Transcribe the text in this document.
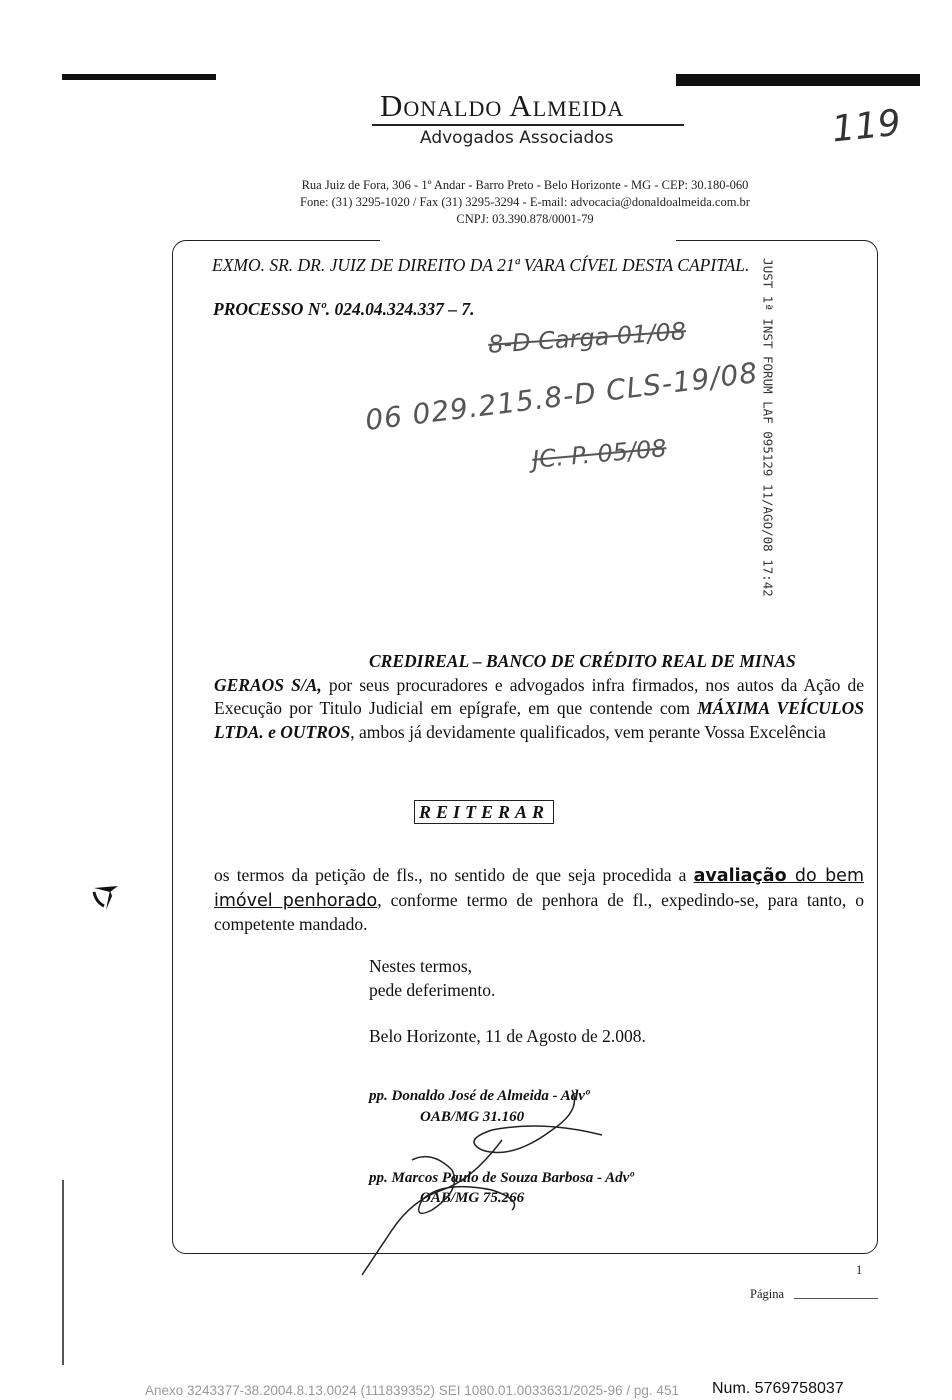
Donaldo Almeida
Advogados Associados
Rua Juiz de Fora, 306 - 1º Andar - Barro Preto - Belo Horizonte - MG - CEP: 30.180-060
Fone: (31) 3295-1020 / Fax (31) 3295-3294 - E-mail: advocacia@donaldoalmeida.com.br
CNPJ: 03.390.878/0001-79
119
EXMO. SR. DR. JUIZ DE DIREITO DA 21ª VARA CÍVEL DESTA CAPITAL.
PROCESSO Nº. 024.04.324.337 – 7.	JUST 1ª INST FORUM LAF 095129 11/AGO/08 17:42
8-D Carga 01/08
06 029.215.8-D CLS-19/08
JC. P. 05/08
CREDIREAL – BANCO DE CRÉDITO REAL DE MINAS
GERAOS S/A, por seus procuradores e advogados infra firmados, nos autos da Ação de Execução por Titulo Judicial em epígrafe, em que contende com MÁXIMA VEÍCULOS LTDA. e OUTROS, ambos já devidamente qualificados, vem perante Vossa Excelência
REITERAR
os termos da petição de fls., no sentido de que seja procedida a avaliação do bem imóvel penhorado, conforme termo de penhora de fl., expedindo-se, para tanto, o competente mandado.
Nestes termos,
pede deferimento.
Belo Horizonte, 11 de Agosto de 2.008.
pp. Donaldo José de Almeida - Advº
OAB/MG 31.160
pp. Marcos Paulo de Souza Barbosa - Advº
OAB/MG 75.266
1
Página
Num. 5769758037
Anexo 3243377-38.2004.8.13.0024 (111839352) SEI 1080.01.0033631/2025-96 / pg. 451
